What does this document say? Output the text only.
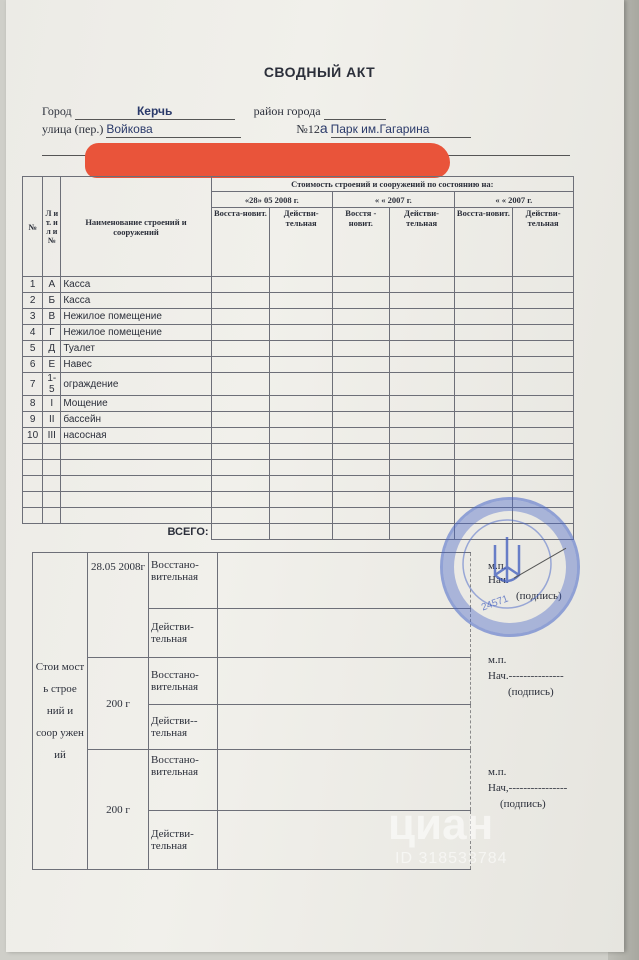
СВОДНЫЙ АКТ
Город	Керчь	район города
улица (пер.) Войкова	№12а Парк им.Гагарина

№	Л и т. и л и №	Наименование строений и сооружений	Стоимость строений и сооружений по состоянию на:					
			«28» 05 2008 г.		« « 2007 г.		« « 2007 г.	
			Восста-новит.	Действи-тельная	Восстя - новит.	Действи-тельная	Восста-новит.	Действи-тельная
1	А	Касса						
2	Б	Касса						
3	В	Нежилое помещение						
4	Г	Нежилое помещение						
5	Д	Туалет						
6	Е	Навес						
7	1-5	ограждение						
8	I	Мощение						
9	II	бассейн						
10	III	насосная						

		ВСЕГО:						
Стои мост ь строе ний и соор ужен ий	28.05 2008г	Восстано-вительная		
		Действи-тельная		
	200 г	Восстано-вительная		
		Действи--тельная		
	200 г	Восстано-вительная		
		Действи-тельная		
м.п.
Нач.
(подпись)
м.п.
Нач.---------------
(подпись)
м.п.
Нач,----------------
(подпись)
24571
циан
ID 318533784
